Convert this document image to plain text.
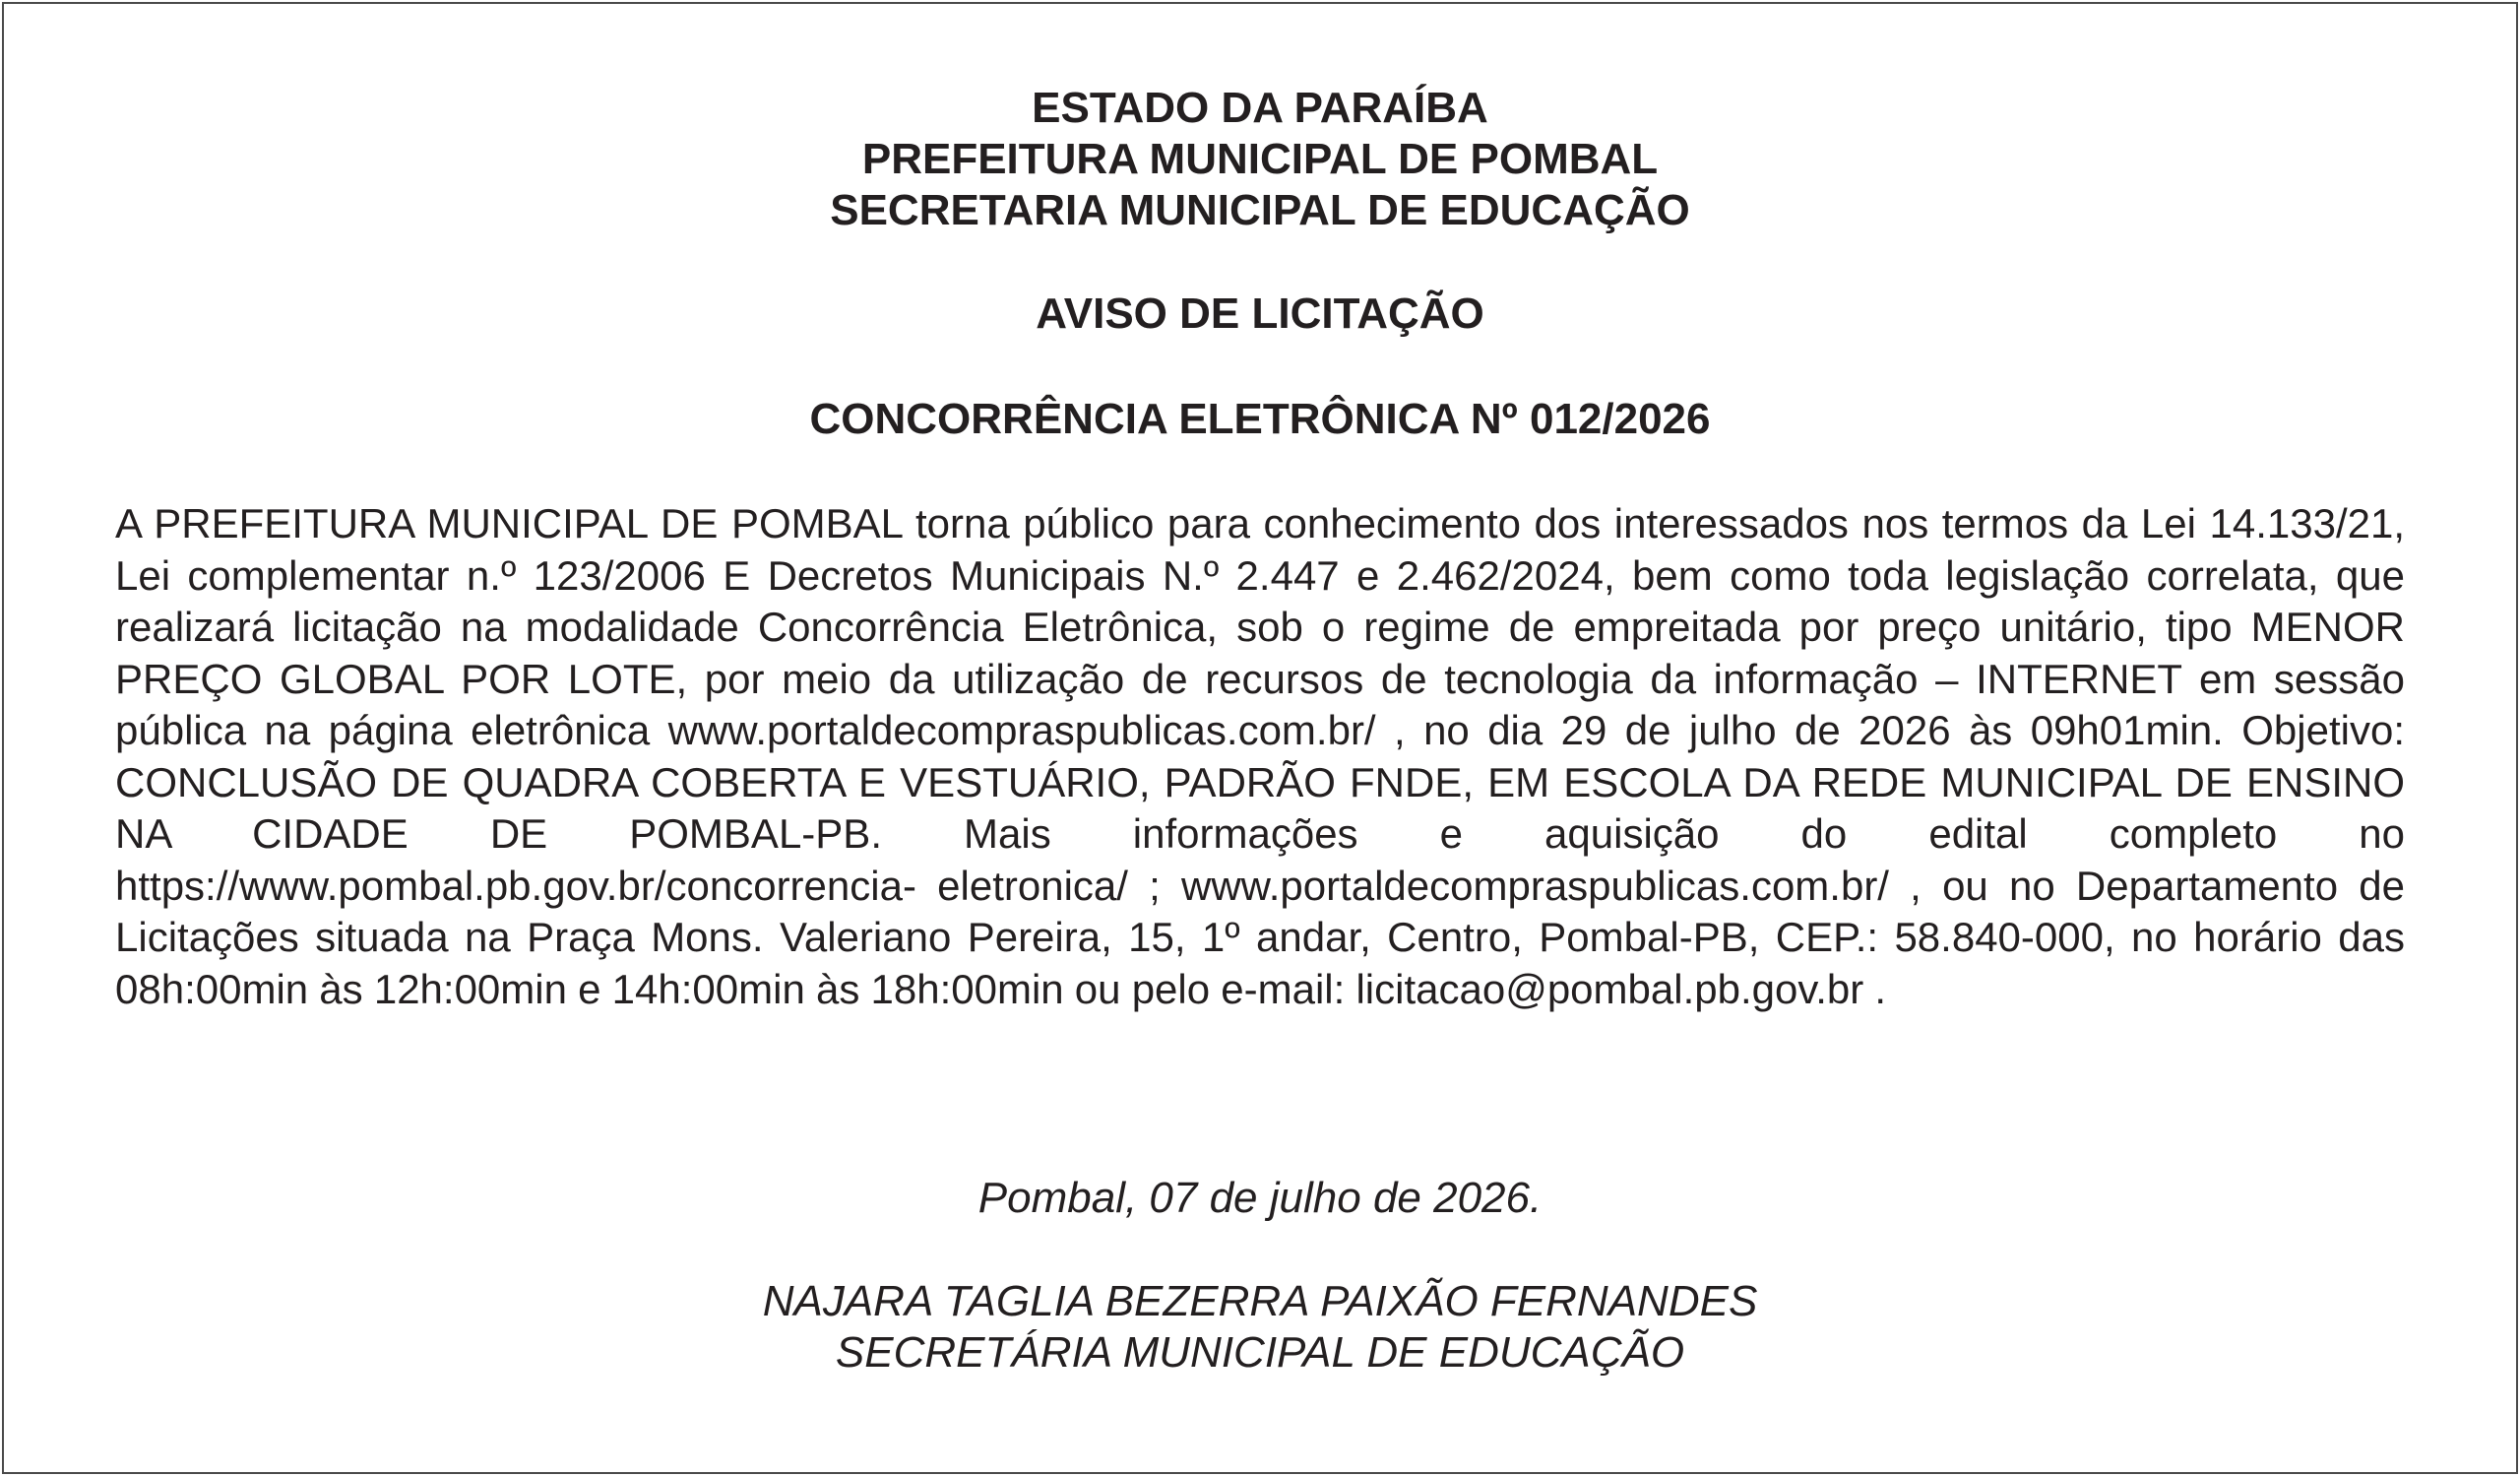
ESTADO DA PARAÍBA
PREFEITURA MUNICIPAL DE POMBAL
SECRETARIA MUNICIPAL DE EDUCAÇÃO
AVISO DE LICITAÇÃO
CONCORRÊNCIA ELETRÔNICA Nº 012/2026

A PREFEITURA MUNICIPAL DE POMBAL torna público para conhecimento dos interessados nos termos da Lei 14.133/21, Lei complementar n.º 123/2006 E Decretos Municipais N.º 2.447 e 2.462/2024, bem como toda legislação correlata, que realizará licitação na modalidade Concorrência Eletrônica, sob o regime de empreitada por preço unitário, tipo MENOR PREÇO GLOBAL POR LOTE, por meio da utilização de recursos de tecnologia da informação – INTERNET em sessão pública na página eletrônica www.portaldecompraspublicas.com.br/ , no dia 29 de julho de 2026 às 09h01min. Objetivo: CONCLUSÃO DE QUADRA COBERTA E VESTUÁRIO, PADRÃO FNDE, EM ESCOLA DA REDE MUNICIPAL DE ENSINO NA CIDADE DE POMBAL-PB. Mais informações e aquisição do edital completo no https://www.pombal.pb.gov.br/concorrencia- eletronica/ ; www.portaldecompraspublicas.com.br/ , ou no Departamento de Licitações situada na Praça Mons. Valeriano Pereira, 15, 1º andar, Centro, Pombal-PB, CEP.: 58.840-000, no horário das 08h:00min às 12h:00min e 14h:00min às 18h:00min ou pelo e-mail: licitacao@pombal.pb.gov.br .

Pombal, 07 de julho de 2026.
NAJARA TAGLIA BEZERRA PAIXÃO FERNANDES
SECRETÁRIA MUNICIPAL DE EDUCAÇÃO
